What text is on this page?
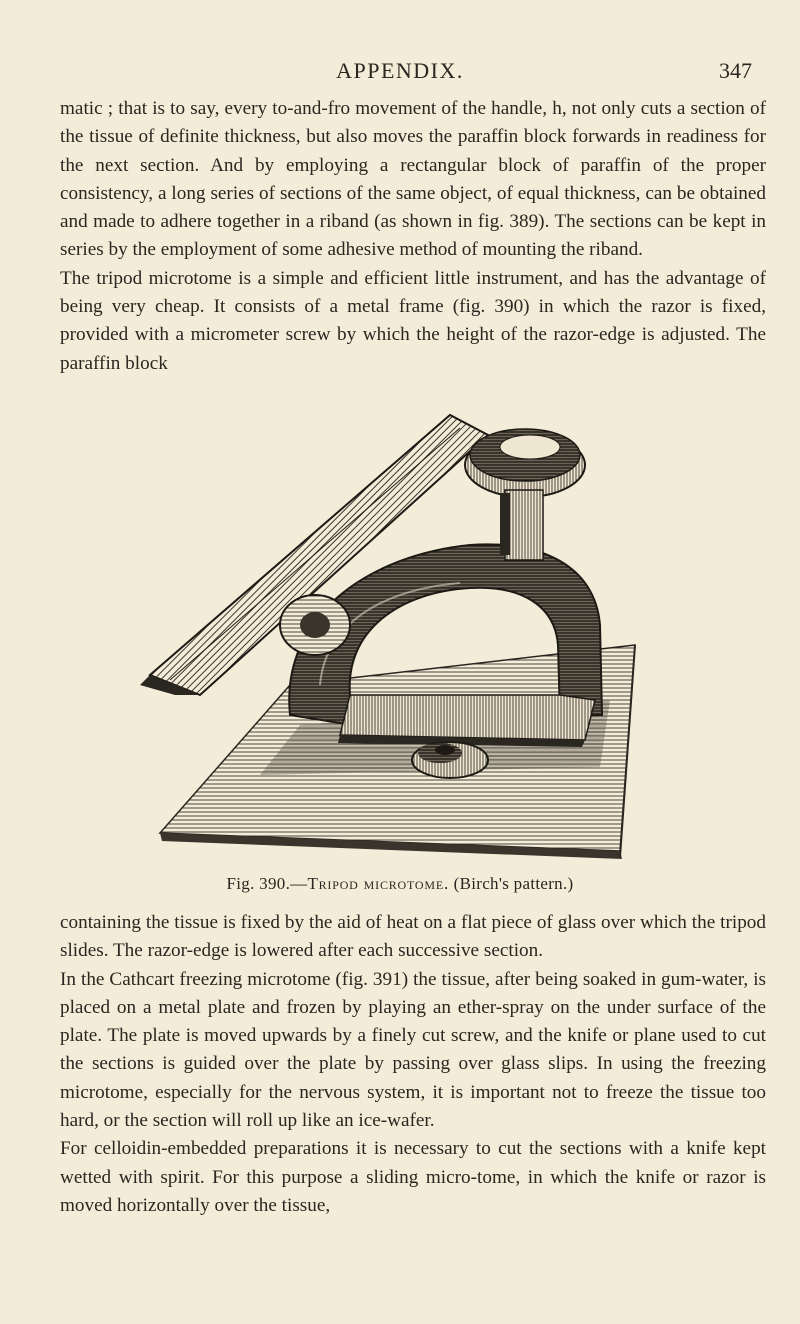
APPENDIX.	347

matic ; that is to say, every to-and-fro movement of the handle, h, not only cuts a section of the tissue of definite thickness, but also moves the paraffin block forwards in readiness for the next section. And by employing a rectangular block of paraffin of the proper consistency, a long series of sections of the same object, of equal thickness, can be obtained and made to adhere together in a riband (as shown in fig. 389). The sections can be kept in series by the employment of some adhesive method of mounting the riband.

The tripod microtome is a simple and efficient little instrument, and has the advantage of being very cheap. It consists of a metal frame (fig. 390) in which the razor is fixed, provided with a micrometer screw by which the height of the razor-edge is adjusted. The paraffin block

Fig. 390.—Tripod microtome. (Birch's pattern.)

containing the tissue is fixed by the aid of heat on a flat piece of glass over which the tripod slides. The razor-edge is lowered after each successive section.

In the Cathcart freezing microtome (fig. 391) the tissue, after being soaked in gum-water, is placed on a metal plate and frozen by playing an ether-spray on the under surface of the plate. The plate is moved upwards by a finely cut screw, and the knife or plane used to cut the sections is guided over the plate by passing over glass slips. In using the freezing microtome, especially for the nervous system, it is important not to freeze the tissue too hard, or the section will roll up like an ice-wafer.

For celloidin-embedded preparations it is necessary to cut the sections with a knife kept wetted with spirit. For this purpose a sliding micro-tome, in which the knife or razor is moved horizontally over the tissue,
